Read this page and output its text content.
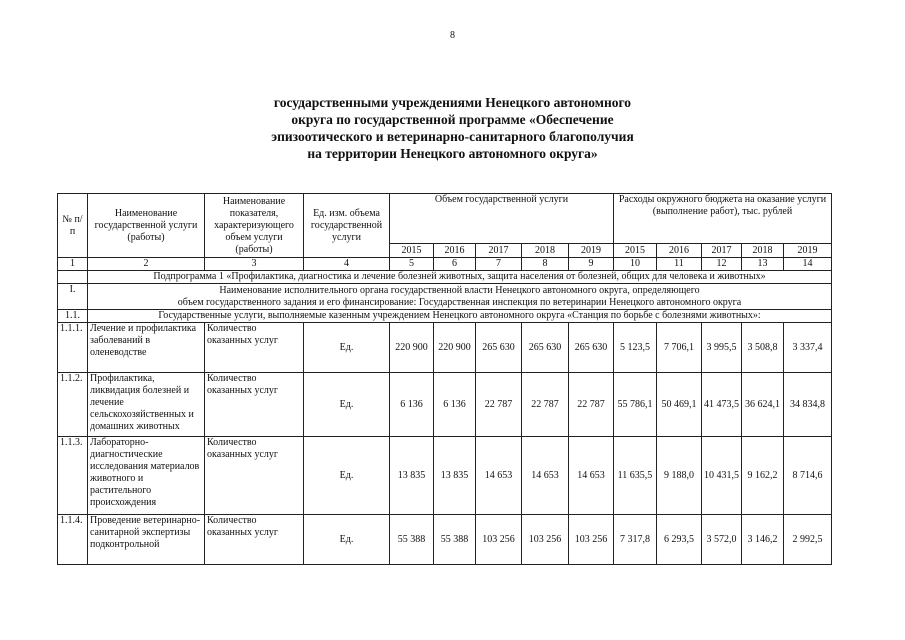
8
государственными учреждениями Ненецкого автономного
округа по государственной программе «Обеспечение
эпизоотического и ветеринарно-санитарного благополучия
на территории Ненецкого автономного округа»
№ п/п	Наименование государственной услуги (работы)	Наименование показателя, характеризующего объем услуги (работы)	Ед. изм. объема государственной услуги	Объем государственной услуги					Расходы окружного бюджета на оказание услуги (выполнение работ), тыс. рублей				
				2015	2016	2017	2018	2019	2015	2016	2017	2018	2019
1	2	3	4	5	6	7	8	9	10	11	12	13	14
	Подпрограмма 1 «Профилактика, диагностика и лечение болезней животных, защита населения от болезней, общих для человека и животных»												
I.	Наименование исполнительного органа государственной власти Ненецкого автономного округа, определяющего
объем государственного задания и его финансирование: Государственная инспекция по ветеринарии Ненецкого автономного округа												

1.1.	Государственные услуги, выполняемые казенным учреждением Ненецкого автономного округа «Станция по борьбе с болезнями животных»:												
1.1.1.	Лечение и профилактика заболеваний в оленеводстве	Количество оказанных услуг	Ед.	220 900	220 900	265 630	265 630	265 630	5 123,5	7 706,1	3 995,5	3 508,8	3 337,4
1.1.2.	Профилактика, ликвидация болезней и лечение сельскохозяйственных и домашних животных	Количество оказанных услуг	Ед.	6 136	6 136	22 787	22 787	22 787	55 786,1	50 469,1	41 473,5	36 624,1	34 834,8
1.1.3.	Лабораторно-диагностические исследования материалов животного и растительного происхождения	Количество оказанных услуг	Ед.	13 835	13 835	14 653	14 653	14 653	11 635,5	9 188,0	10 431,5	9 162,2	8 714,6
1.1.4.	Проведение ветеринарно-санитарной экспертизы подконтрольной	Количество оказанных услуг	Ед.	55 388	55 388	103 256	103 256	103 256	7 317,8	6 293,5	3 572,0	3 146,2	2 992,5
